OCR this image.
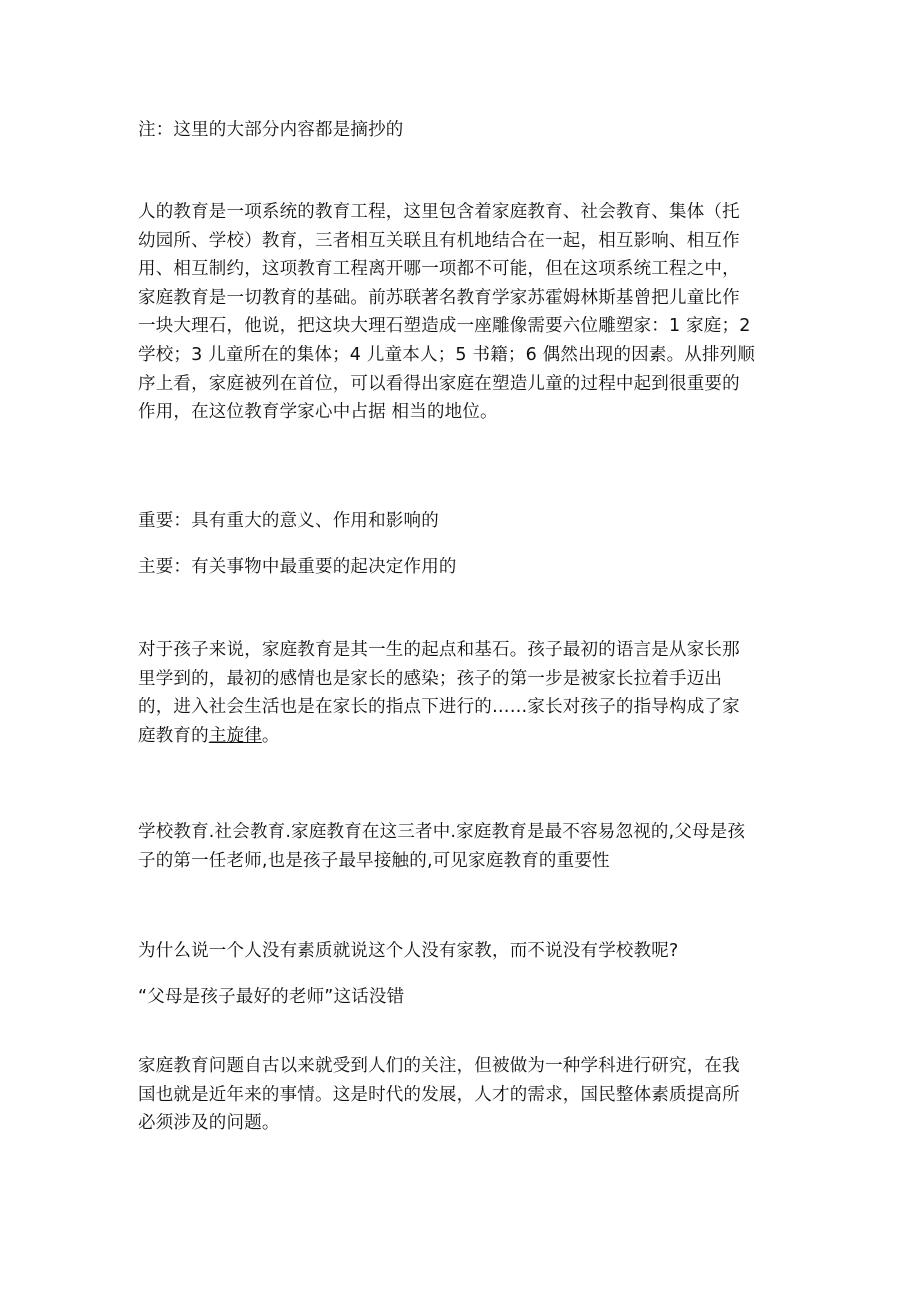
注：这里的大部分内容都是摘抄的

人的教育是一项系统的教育工程，这里包含着家庭教育、社会教育、集体（托
幼园所、学校）教育，三者相互关联且有机地结合在一起，相互影响、相互作
用、相互制约，这项教育工程离开哪一项都不可能，但在这项系统工程之中，
家庭教育是一切教育的基础。前苏联著名教育学家苏霍姆林斯基曾把儿童比作
一块大理石，他说，把这块大理石塑造成一座雕像需要六位雕塑家：1 家庭；2
学校；3 儿童所在的集体；4 儿童本人；5 书籍；6 偶然出现的因素。从排列顺
序上看，家庭被列在首位，可以看得出家庭在塑造儿童的过程中起到很重要的
作用，在这位教育学家心中占据 相当的地位。

重要：具有重大的意义、作用和影响的

主要：有关事物中最重要的起决定作用的

对于孩子来说，家庭教育是其一生的起点和基石。孩子最初的语言是从家长那
里学到的，最初的感情也是家长的感染；孩子的第一步是被家长拉着手迈出
的，进入社会生活也是在家长的指点下进行的……家长对孩子的指导构成了家
庭教育的主旋律。

学校教育.社会教育.家庭教育在这三者中.家庭教育是最不容易忽视的,父母是孩
子的第一任老师,也是孩子最早接触的,可见家庭教育的重要性

为什么说一个人没有素质就说这个人没有家教，而不说没有学校教呢?

“父母是孩子最好的老师”这话没错

家庭教育问题自古以来就受到人们的关注，但被做为一种学科进行研究，在我
国也就是近年来的事情。这是时代的发展，人才的需求，国民整体素质提高所
必须涉及的问题。
